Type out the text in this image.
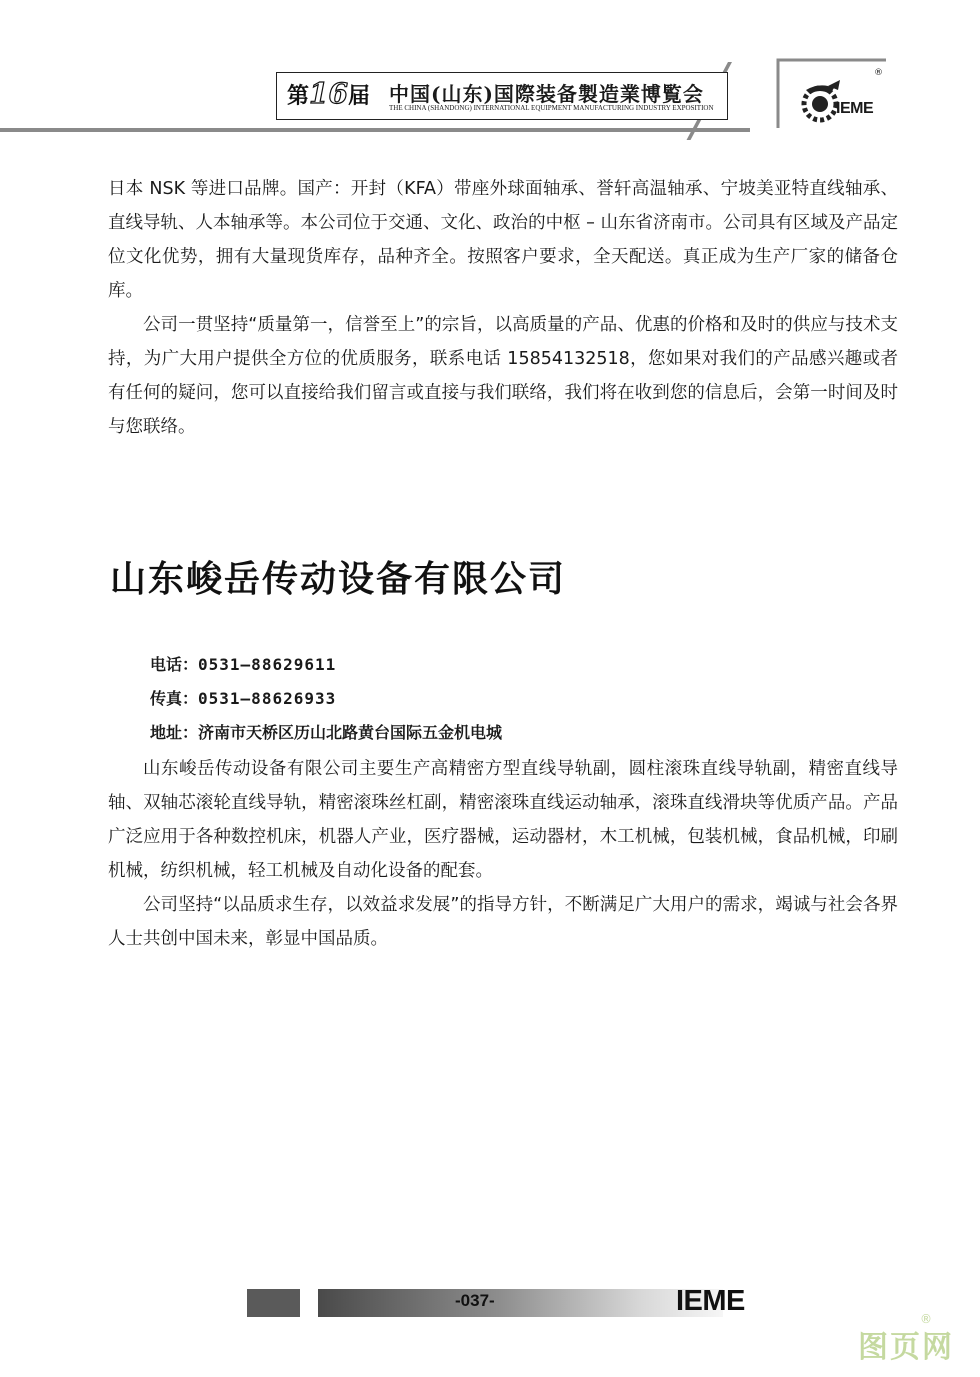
第16届 中国(山东)国際装备製造業博覧会
THE CHINA (SHANDONG) INTERNATIONAL EQUIPMENT MANUFACTURING INDUSTRY EXPOSITION
®
IEME

日本 NSK 等进口品牌。国产：开封（KFA）带座外球面轴承、誉轩高温轴承、宁坡美亚特直线轴承、直线导轨、人本轴承等。本公司位于交通、文化、政治的中枢 – 山东省济南市。公司具有区域及产品定位文化优势，拥有大量现货库存，品种齐全。按照客户要求，全天配送。真正成为生产厂家的储备仓库。

公司一贯坚持“质量第一，信誉至上”的宗旨，以高质量的产品、优惠的价格和及时的供应与技术支持，为广大用户提供全方位的优质服务，联系电话 15854132518，您如果对我们的产品感兴趣或者有任何的疑问，您可以直接给我们留言或直接与我们联络，我们将在收到您的信息后，会第一时间及时与您联络。

山东峻岳传动设备有限公司

电话：0531—88629611

传真：0531—88626933

地址：济南市天桥区历山北路黄台国际五金机电城

山东峻岳传动设备有限公司主要生产高精密方型直线导轨副，圆柱滚珠直线导轨副，精密直线导轴、双轴芯滚轮直线导轨，精密滚珠丝杠副，精密滚珠直线运动轴承，滚珠直线滑块等优质产品。产品广泛应用于各种数控机床，机器人产业，医疗器械，运动器材，木工机械，包装机械，食品机械，印刷机械，纺织机械，轻工机械及自动化设备的配套。

公司坚持“以品质求生存，以效益求发展”的指导方针，不断满足广大用户的需求，竭诚与社会各界人士共创中国未来，彰显中国品质。

-037-	IEME
图页网
®
